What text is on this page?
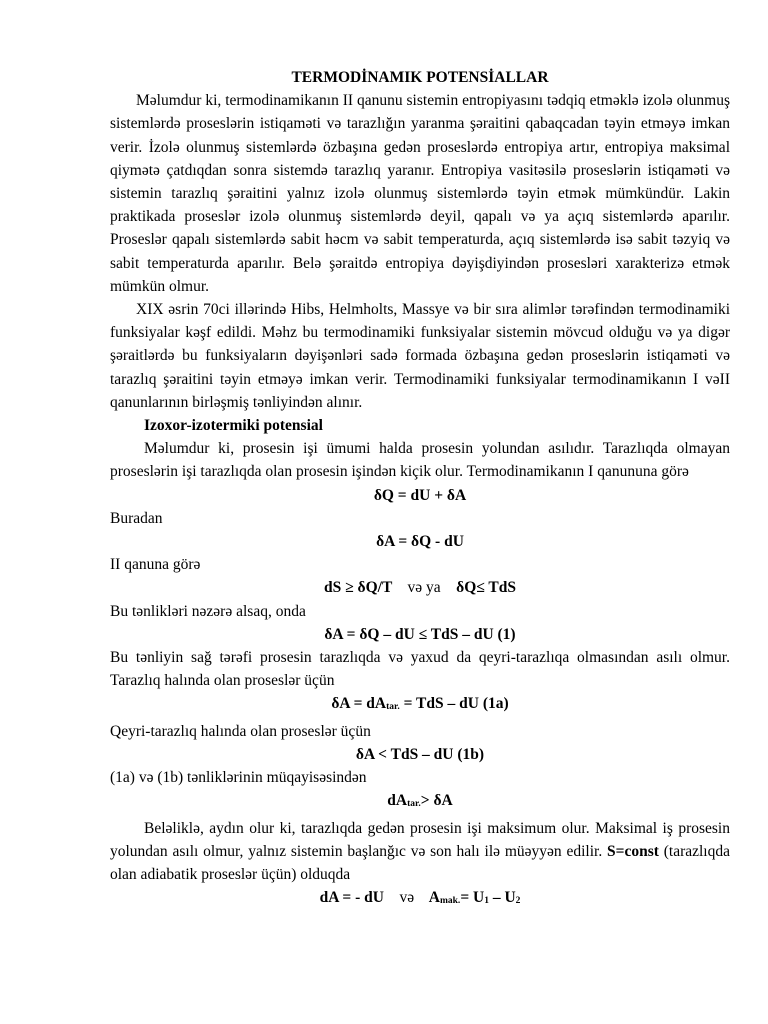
TERMODİNAMIK POTENSİALLAR

Məlumdur ki, termodinamikanın II qanunu sistemin entropiyasını tədqiq etməklə izolə olunmuş sistemlərdə proseslərin istiqaməti və tarazlığın yaranma şəraitini qabaqcadan təyin etməyə imkan verir. İzolə olunmuş sistemlərdə özbaşına gedən proseslərdə entropiya artır, entropiya maksimal qiymətə çatdıqdan sonra sistemdə tarazlıq yaranır. Entropiya vasitəsilə proseslərin istiqaməti və sistemin tarazlıq şəraitini yalnız izolə olunmuş sistemlərdə təyin etmək mümkündür. Lakin praktikada proseslər izolə olunmuş sistemlərdə deyil, qapalı və ya açıq sistemlərdə aparılır. Proseslər qapalı sistemlərdə sabit həcm və sabit temperaturda, açıq sistemlərdə isə sabit təzyiq və sabit temperaturda aparılır. Belə şəraitdə entropiya dəyişdiyindən prosesləri xarakterizə etmək mümkün olmur.

XIX əsrin 70ci illərində Hibs, Helmholts, Massye və bir sıra alimlər tərəfindən termodinamiki funksiyalar kəşf edildi. Məhz bu termodinamiki funksiyalar sistemin mövcud olduğu və ya digər şəraitlərdə bu funksiyaların dəyişənləri sadə formada özbaşına gedən proseslərin istiqaməti və tarazlıq şəraitini təyin etməyə imkan verir. Termodinamiki funksiyalar termodinamikanın I vəII qanunlarının birləşmiş tənliyindən alınır.

Izoxor-izotermiki potensial

Məlumdur ki, prosesin işi ümumi halda prosesin yolundan asılıdır. Tarazlıqda olmayan proseslərin işi tarazlıqda olan prosesin işindən kiçik olur. Termodinamikanın I qanununa görə

δQ = dU + δA

Buradan

δA = δQ - dU

II qanuna görə

dS ≥ δQ/T və ya δQ≤ TdS

Bu tənlikləri nəzərə alsaq, onda

δA = δQ – dU ≤ TdS – dU (1)

Bu tənliyin sağ tərəfi prosesin tarazlıqda və yaxud da qeyri-tarazlıqa olmasından asılı olmur. Tarazlıq halında olan proseslər üçün

δA = dAtar. = TdS – dU (1a)

Qeyri-tarazlıq halında olan proseslər üçün

δA < TdS – dU (1b)

(1a) və (1b) tənliklərinin müqayisəsindən

dAtar.> δA

Beləliklə, aydın olur ki, tarazlıqda gedən prosesin işi maksimum olur. Maksimal iş prosesin yolundan asılı olmur, yalnız sistemin başlanğıc və son halı ilə müəyyən edilir. S=const (tarazlıqda olan adiabatik proseslər üçün) olduqda

dA = - dU və Amak.= U1 – U2
